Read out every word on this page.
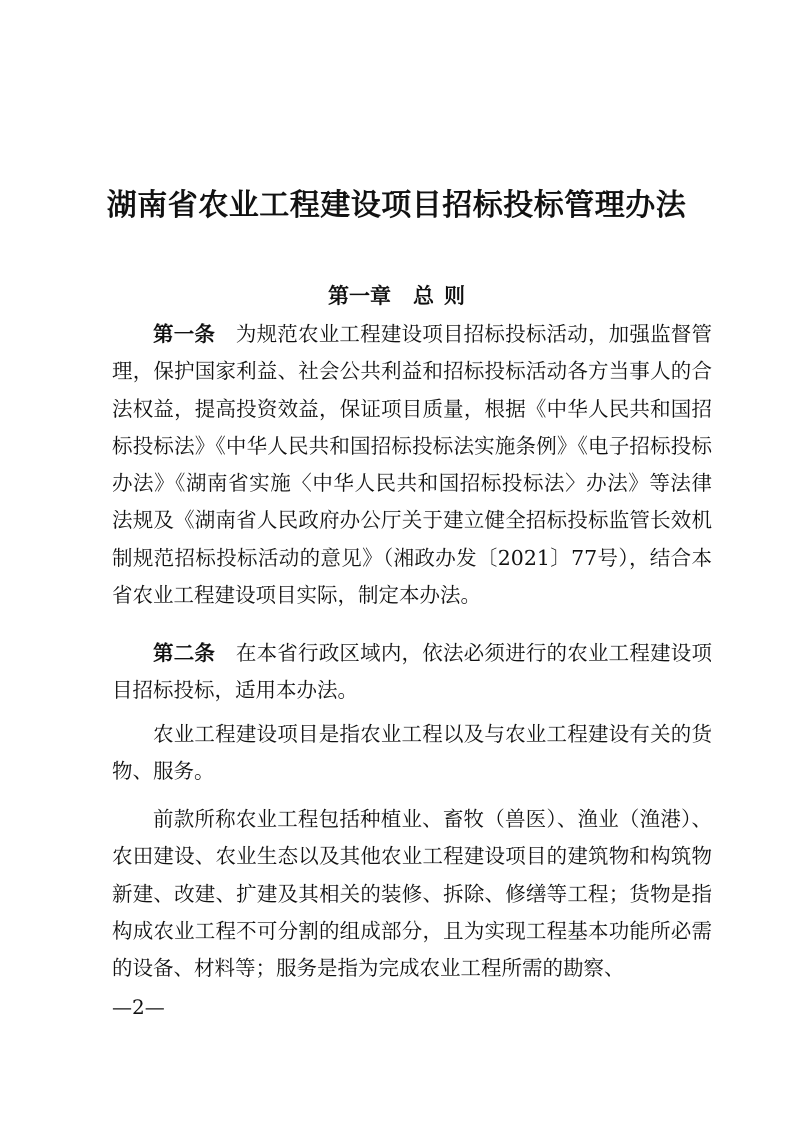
湖南省农业工程建设项目招标投标管理办法
第一章 总 则

第一条  为规范农业工程建设项目招标投标活动，加强监督管理，保护国家利益、社会公共利益和招标投标活动各方当事人的合法权益，提高投资效益，保证项目质量，根据《中华人民共和国招标投标法》《中华人民共和国招标投标法实施条例》《电子招标投标办法》《湖南省实施〈中华人民共和国招标投标法〉办法》等法律法规及《湖南省人民政府办公厅关于建立健全招标投标监管长效机制规范招标投标活动的意见》（湘政办发〔2021〕77号），结合本省农业工程建设项目实际，制定本办法。

第二条  在本省行政区域内，依法必须进行的农业工程建设项目招标投标，适用本办法。

农业工程建设项目是指农业工程以及与农业工程建设有关的货物、服务。

前款所称农业工程包括种植业、畜牧（兽医）、渔业（渔港）、农田建设、农业生态以及其他农业工程建设项目的建筑物和构筑物新建、改建、扩建及其相关的装修、拆除、修缮等工程；货物是指构成农业工程不可分割的组成部分，且为实现工程基本功能所必需的设备、材料等；服务是指为完成农业工程所需的勘察、

—2—
